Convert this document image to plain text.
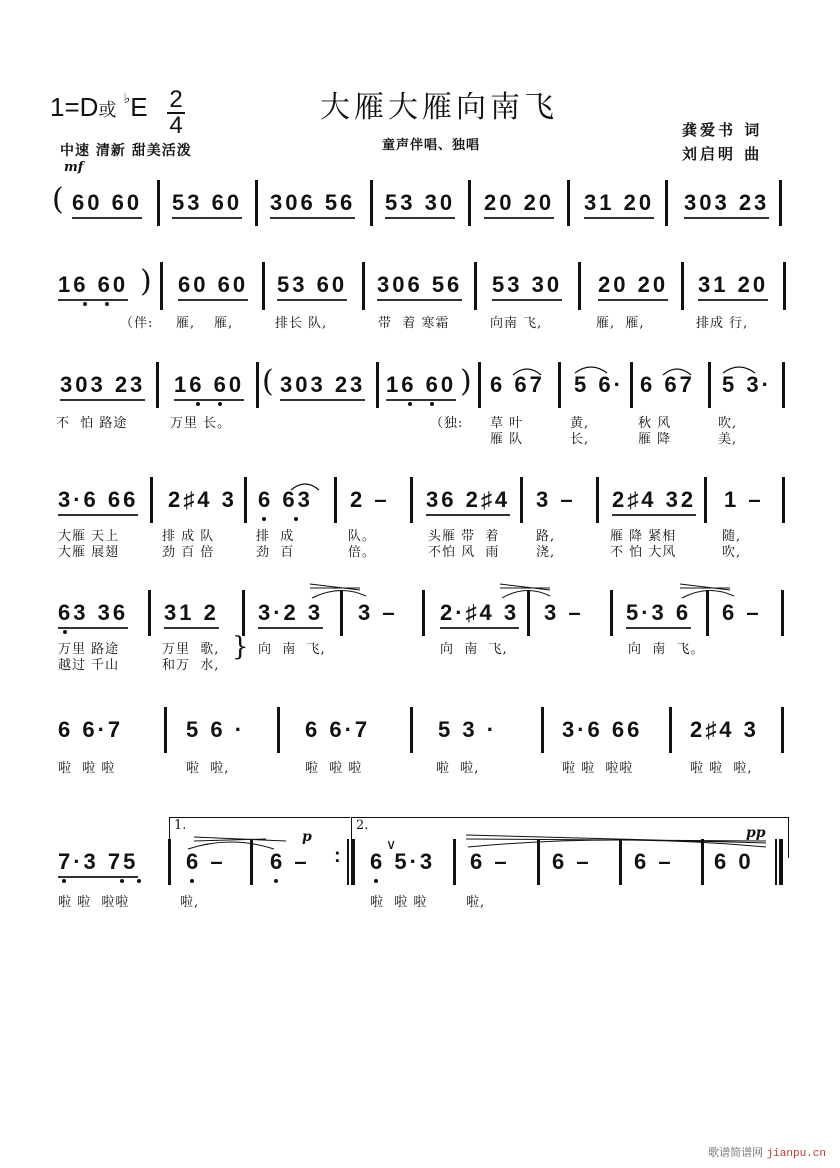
1=D或 ♭E 2
4
中速 清新 甜美活泼
mf
大雁大雁向南飞
童声伴唱、独唱
龚爱书 词
刘启明 曲
( 60 60 53 60 306 56 53 30 20 20 31 20 303 23
16 60 ) 60 60 53 60 306 56 53 30 20 20 31 20
（伴: 雁, 雁,	排长 队,	带  着 寒霜	向南 飞,	雁,  雁,	排成 行,
303 23 16 60 ( 303 23 16 60 ) 6 67 5 6· 6 67 5 3·
不  怕 路途	万里 长。	（独: 草 叶	黄,	秋 风	吹,
雁 队	长,	雁 降	美,
3·6 66 2♯4 3 6 63 2 – 36 2♯4 3 – 2♯4 32 1 –
大雁 天上	排 成 队	排  成	队。	头雁 带  着	路,	雁 降 紧相	随,
大雁 展翅	劲 百 倍	劲  百	倍。	不怕 风  雨	浇,	不 怕 大风	吹,
63 36 31 2 3·2 3 3 – 2·♯4 3 3 – 5·3 6 6 –
万里 路途	万里  歌, } 向  南  飞,	向  南  飞,	向  南  飞。
越过 千山	和万  水,
6 6·7	5 6 ·	6 6·7	5 3 ·	3·6 66 2♯4 3
啦  啦 啦	啦  啦,	啦  啦 啦	啦  啦,	啦 啦  啦啦	啦 啦  啦,
1.	2.
p	pp
7·3 75 6 – 6 – : 6 5·3
∨
6 – 6 – 6 – 6 0
啦 啦  啦啦	啦,	啦  啦 啦	啦,
歌谱简谱网 jianpu.cn
